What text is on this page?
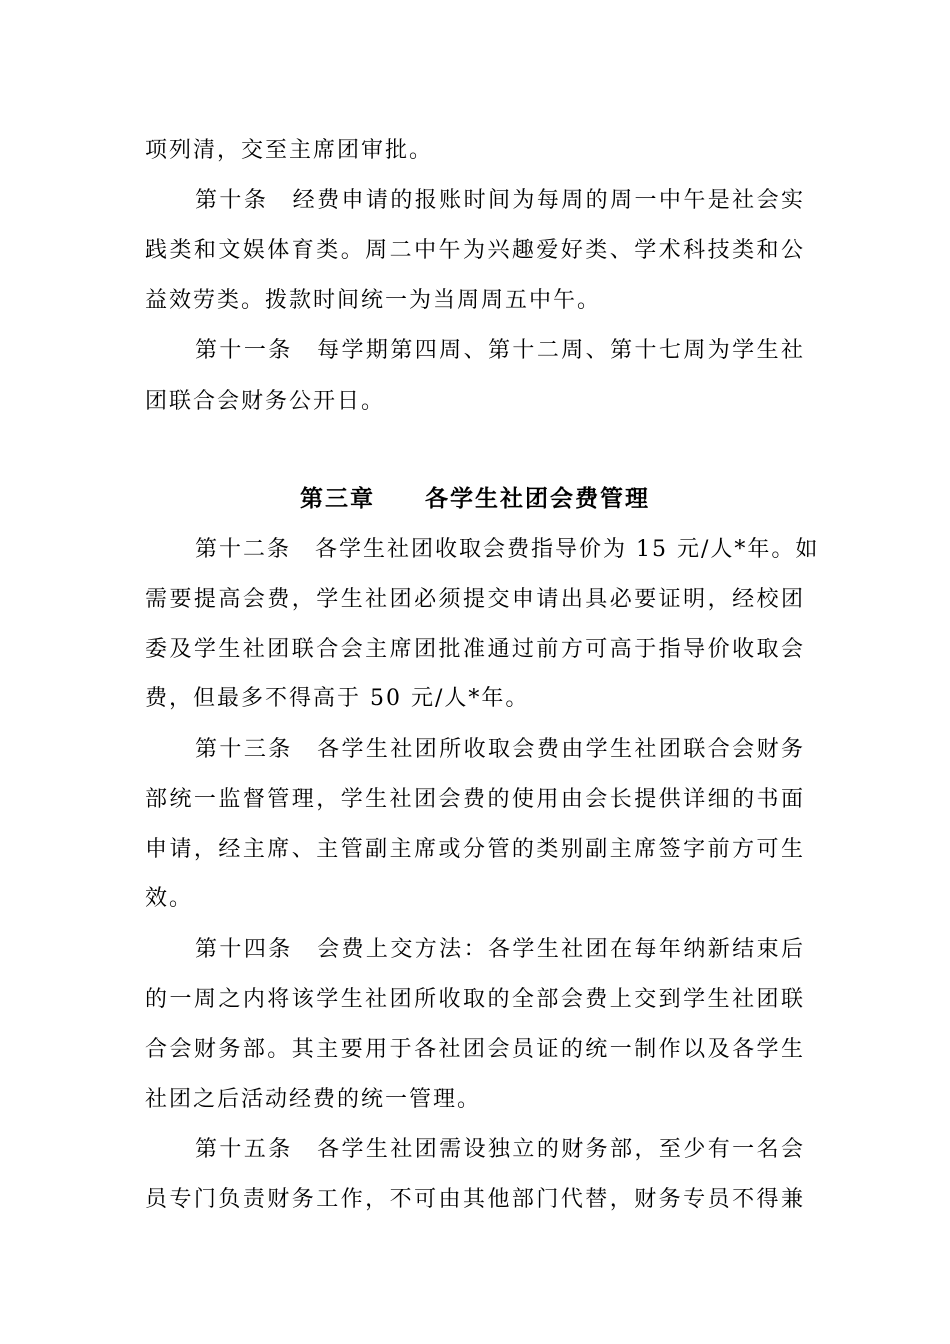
项列清，交至主席团审批。
第十条　经费申请的报账时间为每周的周一中午是社会实
践类和文娱体育类。周二中午为兴趣爱好类、学术科技类和公
益效劳类。拨款时间统一为当周周五中午。
第十一条　每学期第四周、第十二周、第十七周为学生社
团联合会财务公开日。
第三章　　各学生社团会费管理
第十二条　各学生社团收取会费指导价为 15 元/人*年。如
需要提高会费，学生社团必须提交申请出具必要证明，经校团
委及学生社团联合会主席团批准通过前方可高于指导价收取会
费，但最多不得高于 50 元/人*年。
第十三条　各学生社团所收取会费由学生社团联合会财务
部统一监督管理，学生社团会费的使用由会长提供详细的书面
申请，经主席、主管副主席或分管的类别副主席签字前方可生
效。
第十四条　会费上交方法：各学生社团在每年纳新结束后
的一周之内将该学生社团所收取的全部会费上交到学生社团联
合会财务部。其主要用于各社团会员证的统一制作以及各学生
社团之后活动经费的统一管理。
第十五条　各学生社团需设独立的财务部，至少有一名会
员专门负责财务工作，不可由其他部门代替，财务专员不得兼
